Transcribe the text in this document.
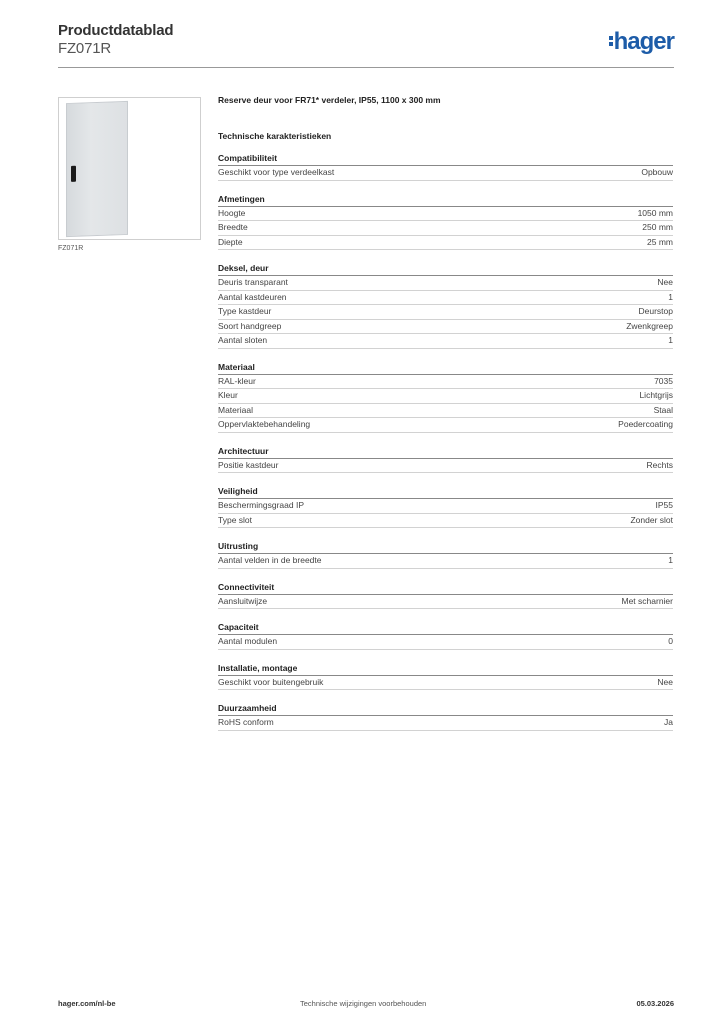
Productdatablad
FZ071R	hager
FZ071R
Reserve deur voor FR71* verdeler, IP55, 1100 x 300 mm
Technische karakteristieken
Compatibiliteit
Geschikt voor type verdeelkast	Opbouw
Afmetingen
Hoogte	1050 mm
Breedte	250 mm
Diepte	25 mm
Deksel, deur
Deuris transparant	Nee
Aantal kastdeuren	1
Type kastdeur	Deurstop
Soort handgreep	Zwenkgreep
Aantal sloten	1
Materiaal
RAL-kleur	7035
Kleur	Lichtgrijs
Materiaal	Staal
Oppervlaktebehandeling	Poedercoating
Architectuur
Positie kastdeur	Rechts
Veiligheid
Beschermingsgraad IP	IP55
Type slot	Zonder slot
Uitrusting
Aantal velden in de breedte	1
Connectiviteit
Aansluitwijze	Met scharnier
Capaciteit
Aantal modulen	0
Installatie, montage
Geschikt voor buitengebruik	Nee
Duurzaamheid
RoHS conform	Ja
hager.com/nl-be	Technische wijzigingen voorbehouden	05.03.2026
